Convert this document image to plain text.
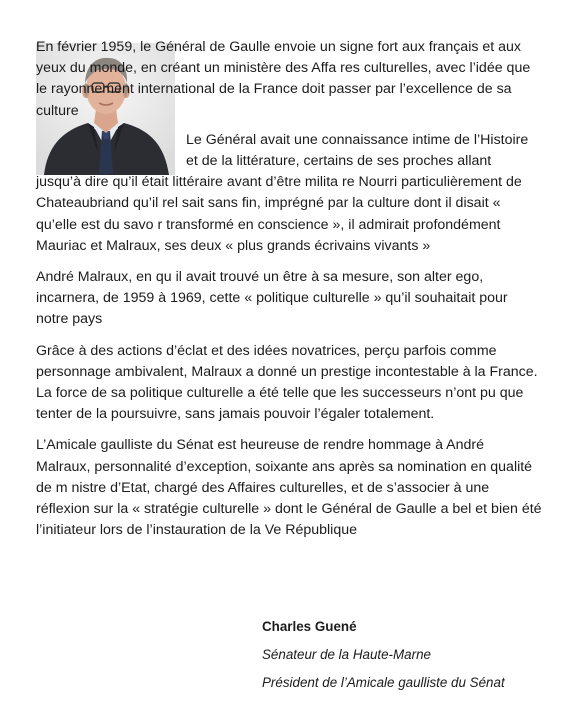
En février 1959, le Général de Gaulle envoie un signe fort aux français et aux yeux du monde, en créant un ministère des Affa res culturelles, avec l’idée que le rayonnement international de la France doit passer par l’excellence de sa culture

Le Général avait une connaissance intime de l’Histoire et de la littérature, certains de ses proches allant
jusqu’à dire qu’il était littéraire avant d’être milita re Nourri particulièrement de Chateaubriand qu’il rel sait sans fin, imprégné par la culture dont il disait « qu’elle est du savo r transformé en conscience », il admirait profondément Mauriac et Malraux, ses deux « plus grands écrivains vivants »

André Malraux, en qu il avait trouvé un être à sa mesure, son alter ego, incarnera, de 1959 à 1969, cette « politique culturelle » qu’il souhaitait pour notre pays

Grâce à des actions d’éclat et des idées novatrices, perçu parfois comme personnage ambivalent, Malraux a donné un prestige incontestable à la France. La force de sa politique culturelle a été telle que les successeurs n’ont pu que tenter de la poursuivre, sans jamais pouvoir l’égaler totalement.

L’Amicale gaulliste du Sénat est heureuse de rendre hommage à André Malraux, personnalité d’exception, soixante ans après sa nomination en qualité de m nistre d’Etat, chargé des Affaires culturelles, et de s’associer à une réflexion sur la « stratégie culturelle » dont le Général de Gaulle a bel et bien été l’initiateur lors de l’instauration de la Ve République

Charles Guené
Sénateur de la Haute-Marne
Président de l’Amicale gaulliste du Sénat
